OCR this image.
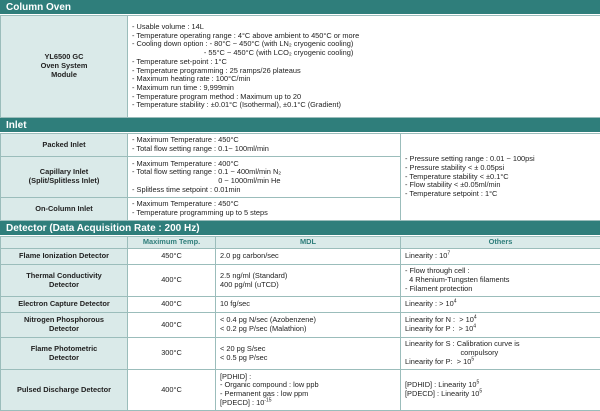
Column Oven
YL6500 GC
Oven System
Module

- Usable volume : 14L
- Temperature operating range : 4°C above ambient to 450°C or more
- Cooling down option : - 80°C ~ 450°C (with LN₂ cryogenic cooling)
- 55°C ~ 450°C (with LCO₂ cryogenic cooling)
- Temperature set-point : 1°C
- Temperature programming : 25 ramps/26 plateaus
- Maximum heating rate : 100°C/min
- Maximum run time : 9,999min
- Temperature program method : Maximum up to 20
- Temperature stability : ±0.01°C (Isothermal), ±0.1°C (Gradient)
Inlet
Packed Inlet	- Maximum Temperature : 450°C
- Total flow setting range : 0.1~ 100ml/min	- Pressure setting range : 0.01 ~ 100psi
- Pressure stability < ± 0.05psi
- Temperature stability < ±0.1°C
- Flow stability < ±0.05ml/min
- Temperature setpoint : 1°C

Capillary Inlet
(Split/Splitless Inlet)	- Maximum Temperature : 400°C
- Total flow setting range : 0.1 ~ 400ml/min N₂
0 ~ 1000ml/min He
- Splitless time setpoint : 0.01min	

On-Column Inlet	- Maximum Temperature : 450°C
- Temperature programming up to 5 steps	
Detector (Data Acquisition Rate : 200 Hz)
	Maximum Temp.	MDL	Others
Flame Ionization Detector	450°C	2.0 pg carbon/sec	Linearity : $10^7$

Thermal Conductivity
Detector	400°C	2.5 ng/ml (Standard)
400 pg/ml (uTCD)	- Flow through cell :
4 Rhenium-Tungsten filaments
- Filament protection

Electron Capture Detector	400°C	10 fg/sec	Linearity : > $10^4$

Nitrogen Phosphorous
Detector	400°C	< 0.4 pg N/sec (Azobenzene)
< 0.2 pg P/sec (Malathion)	Linearity for N :  > $10^4$
Linearity for P :  > $10^4$

Flame Photometric
Detector	300°C	< 20 pg S/sec
< 0.5 pg P/sec	Linearity for S : Calibration curve is
compulsory
Linearity for P:  > $10^5$

Pulsed Discharge Detector	400°C	[PDHID] :
- Organic compound : low ppb
- Permanent gas : low ppm
[PDECD] : $10^{-15}$	[PDHID] : Linearity $10^5$
[PDECD] : Linearity $10^5$
